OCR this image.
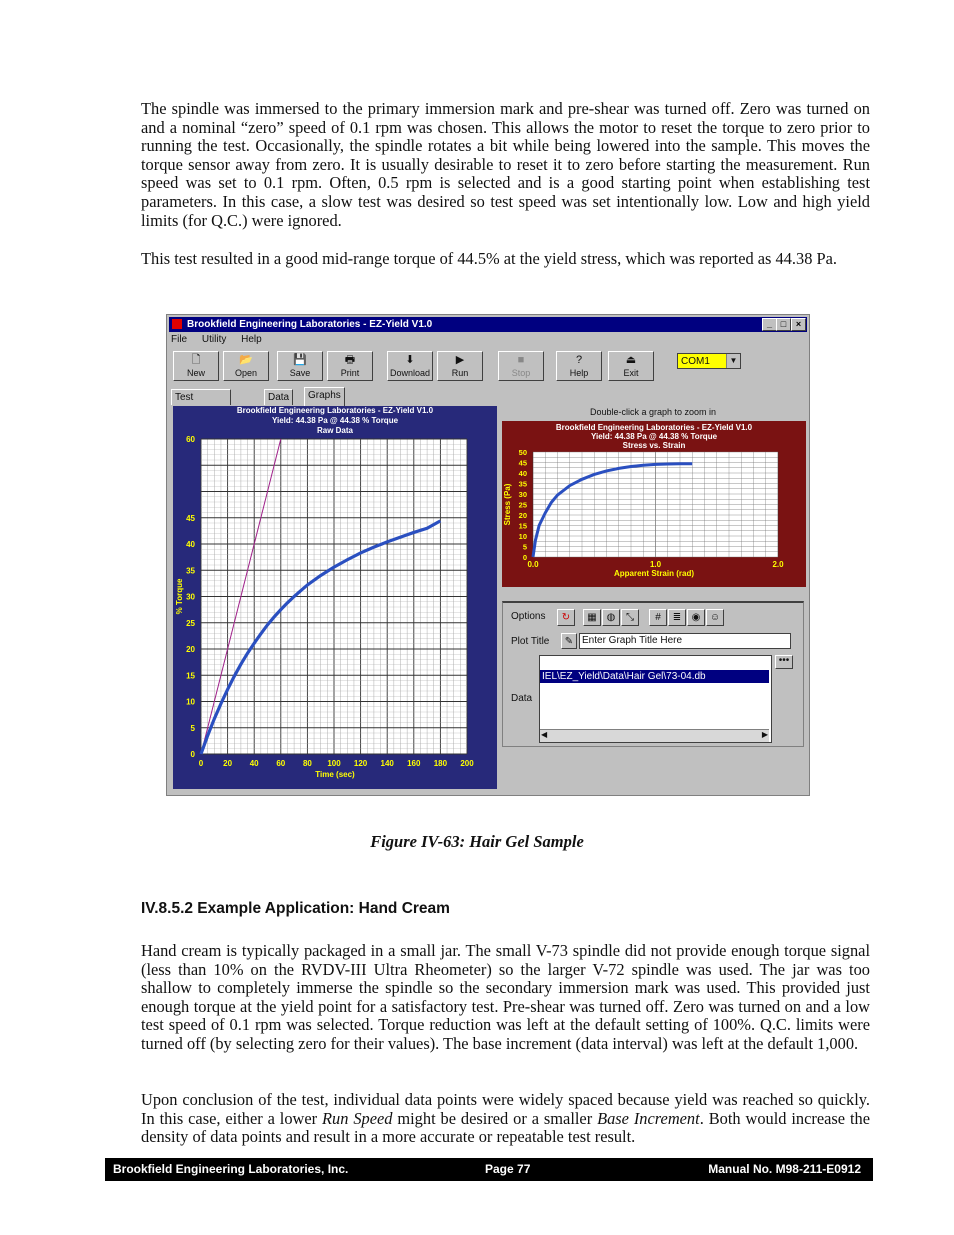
The spindle was immersed to the primary immersion mark and pre-shear was turned off. Zero was turned on and a nominal “zero” speed of 0.1 rpm was chosen. This allows the motor to reset the torque to zero prior to running the test. Occasionally, the spindle rotates a bit while being lowered into the sample. This moves the torque sensor away from zero. It is usually desirable to reset it to zero before starting the measurement. Run speed was set to 0.1 rpm. Often, 0.5 rpm is selected and is a good starting point when establishing test parameters. In this case, a slow test was desired so test speed was set intentionally low. Low and high yield limits (for Q.C.) were ignored.

This test resulted in a good mid-range torque of 44.5% at the yield stress, which was reported as 44.38 Pa.

Brookfield Engineering Laboratories - EZ-Yield V1.0	_ □	×
File Utility Help
🗋
New
📂
Open
💾
Save
🖶
Print
⬇
Download
▶
Run
■
Stop
?
Help
⏏
Exit
Test	Data	Graphs
Brookfield Engineering Laboratories - EZ-Yield V1.0
Yield: 44.38 Pa @ 44.38 % Torque
Raw Data
0 20 40 60 80 100 120 140 160 180 200
0
5
10
15
20
25
30
35
40
45
60
Time (sec)
% Torque
Double-click a graph to zoom in
Brookfield Engineering Laboratories - EZ-Yield V1.0
Yield: 44.38 Pa @ 44.38 % Torque
Stress vs. Strain
0.0	1.0	2.0
0
5
10
15
20
25
30
35
40
45
50
Apparent Strain (rad)
Stress (Pa)
Options	↻	▦ ◍	⤡	#	≣	◉ ☺
Plot Title	✎ Enter Graph Title Here
IEL\EZ_Yield\Data\Hair Gel\73-04.db
◀	▶
Data
•••
COM1	▼
Figure IV-63: Hair Gel Sample
IV.8.5.2 Example Application: Hand Cream

Hand cream is typically packaged in a small jar. The small V-73 spindle did not provide enough torque signal (less than 10% on the RVDV-III Ultra Rheometer) so the larger V-72 spindle was used. The jar was too shallow to completely immerse the spindle so the secondary immersion mark was used. This provided just enough torque at the yield point for a satisfactory test. Pre-shear was turned off. Zero was turned on and a low test speed of 0.1 rpm was selected. Torque reduction was left at the default setting of 100%. Q.C. limits were turned off (by selecting zero for their values). The base increment (data interval) was left at the default 1,000.

Upon conclusion of the test, individual data points were widely spaced because yield was reached so quickly. In this case, either a lower Run Speed might be desired or a smaller Base Increment. Both would increase the density of data points and result in a more accurate or repeatable test result.

Brookfield Engineering Laboratories, Inc.	Page 77	Manual No. M98-211-E0912
